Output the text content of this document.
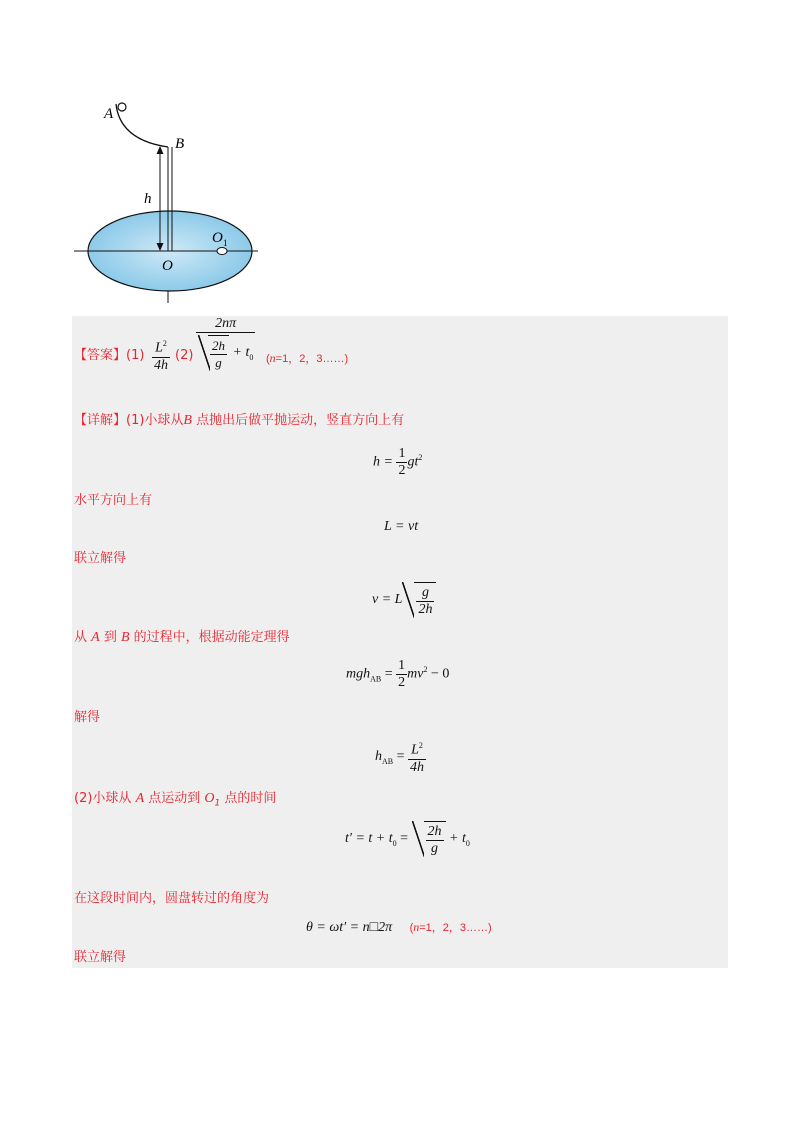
A
B
h
O
O 1
【答案】$(1) \frac{L^2}{4h} (2) \frac{2n\pi}{\frac{2h}{g} + t_0} (n=1$，2，3……)
【详解】(1)小球从B 点抛出后做平抛运动，竖直方向上有
$h = \frac{1}{2} gt^2$
水平方向上有
L = vt
联立解得
v = L $\frac{g}{2h}$
从 A 到 B 的过程中，根据动能定理得
$mgh_{AB} = \frac{1}{2} mv^2 - 0$
解得
$h_{AB} = \frac{L^2}{4h}$
(2)小球从 A 点运动到 $O_1$ 点的时间
$t' = t + t_0 = \frac{2h}{g} + t_0$
在这段时间内，圆盘转过的角度为
θ = ωt′ = n□2π (n=1，2，3……)
联立解得
